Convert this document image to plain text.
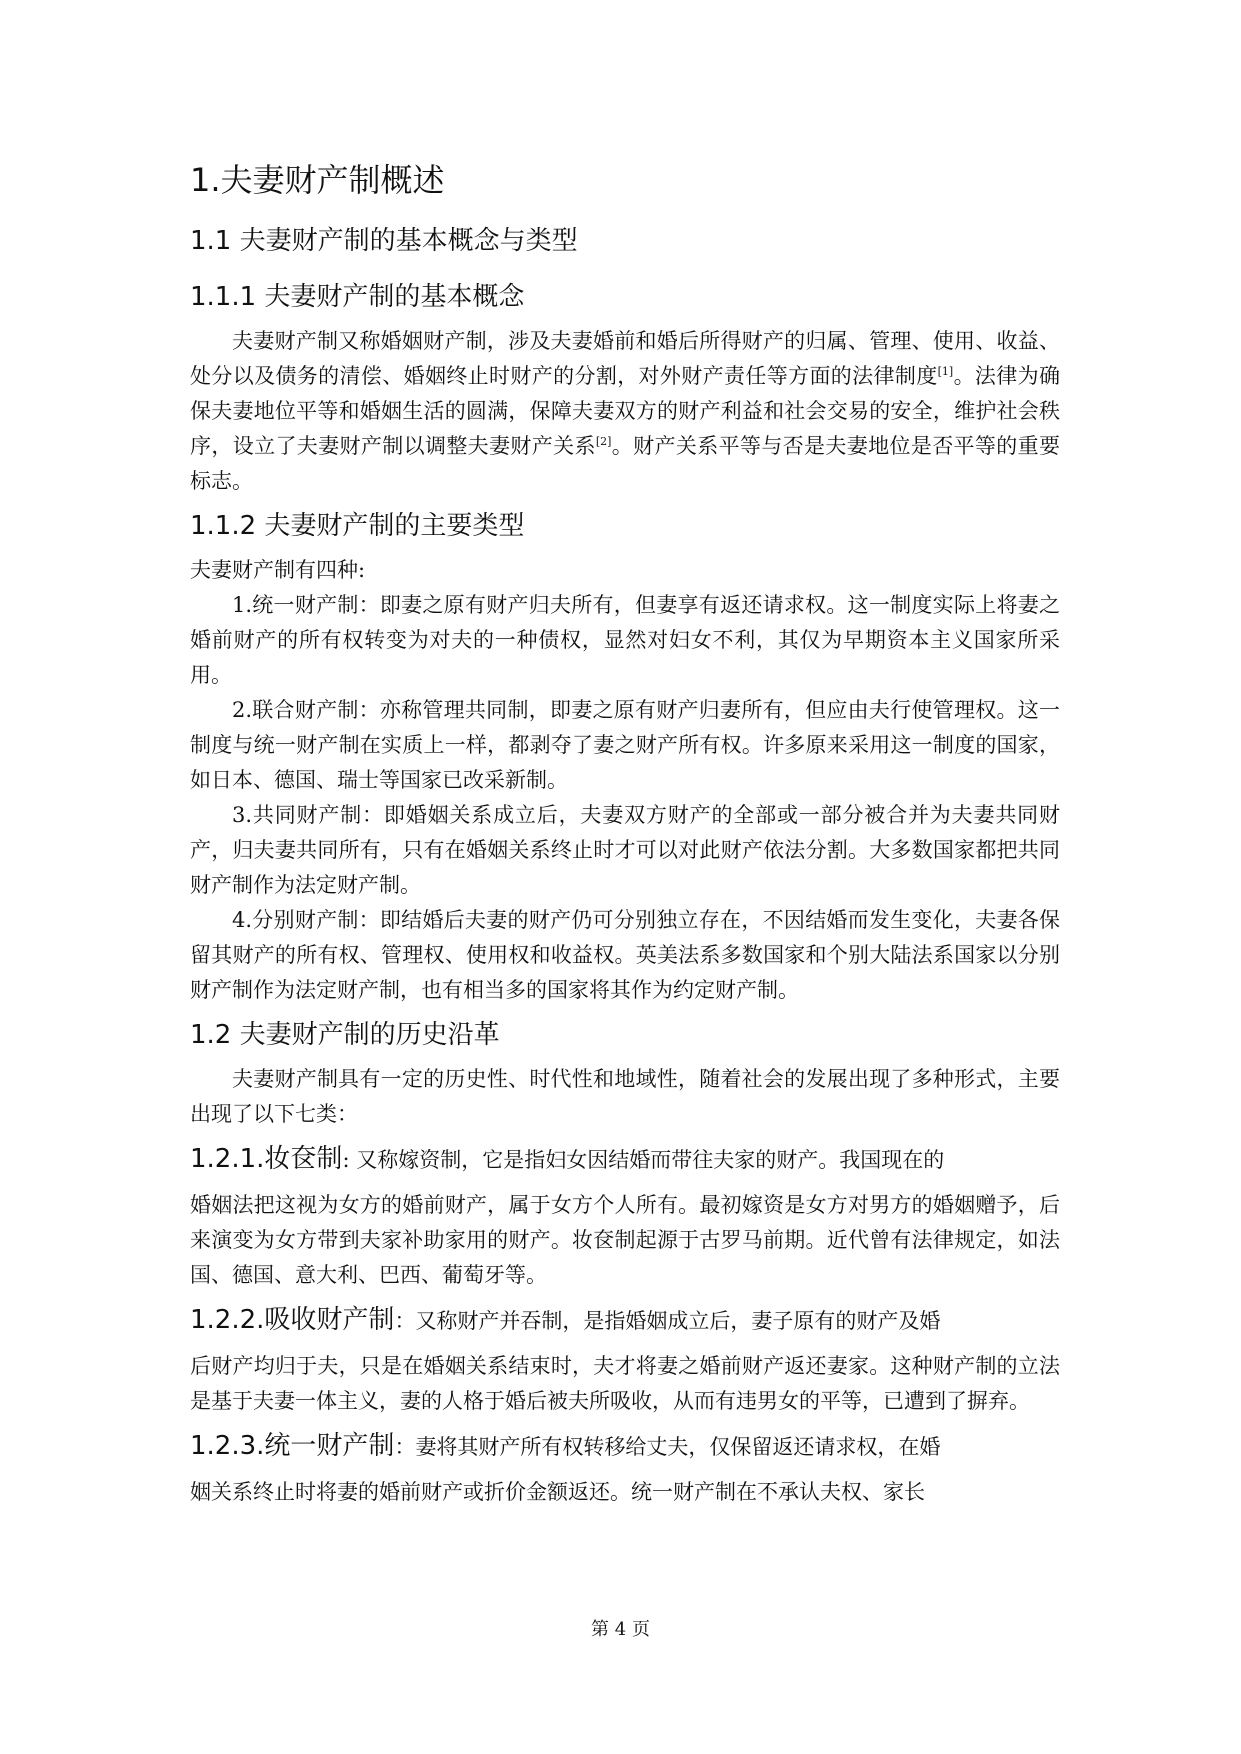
1.夫妻财产制概述
1.1 夫妻财产制的基本概念与类型
1.1.1 夫妻财产制的基本概念

夫妻财产制又称婚姻财产制，涉及夫妻婚前和婚后所得财产的归属、管理、使用、收益、处分以及债务的清偿、婚姻终止时财产的分割，对外财产责任等方面的法律制度[1]。法律为确保夫妻地位平等和婚姻生活的圆满，保障夫妻双方的财产利益和社会交易的安全，维护社会秩序，设立了夫妻财产制以调整夫妻财产关系[2]。财产关系平等与否是夫妻地位是否平等的重要标志。

1.1.2 夫妻财产制的主要类型

夫妻财产制有四种:

1.统一财产制：即妻之原有财产归夫所有，但妻享有返还请求权。这一制度实际上将妻之婚前财产的所有权转变为对夫的一种债权，显然对妇女不利，其仅为早期资本主义国家所采用。

2.联合财产制：亦称管理共同制，即妻之原有财产归妻所有，但应由夫行使管理权。这一制度与统一财产制在实质上一样，都剥夺了妻之财产所有权。许多原来采用这一制度的国家，如日本、德国、瑞士等国家已改采新制。

3.共同财产制：即婚姻关系成立后，夫妻双方财产的全部或一部分被合并为夫妻共同财产，归夫妻共同所有，只有在婚姻关系终止时才可以对此财产依法分割。大多数国家都把共同财产制作为法定财产制。

4.分别财产制：即结婚后夫妻的财产仍可分别独立存在，不因结婚而发生变化，夫妻各保留其财产的所有权、管理权、使用权和收益权。英美法系多数国家和个别大陆法系国家以分别财产制作为法定财产制，也有相当多的国家将其作为约定财产制。

1.2 夫妻财产制的历史沿革

夫妻财产制具有一定的历史性、时代性和地域性，随着社会的发展出现了多种形式，主要出现了以下七类：

1.2.1.妆奁制: 又称嫁资制，它是指妇女因结婚而带往夫家的财产。我国现在的

婚姻法把这视为女方的婚前财产，属于女方个人所有。最初嫁资是女方对男方的婚姻赠予，后来演变为女方带到夫家补助家用的财产。妆奁制起源于古罗马前期。近代曾有法律规定，如法国、德国、意大利、巴西、葡萄牙等。

1.2.2.吸收财产制：又称财产并吞制，是指婚姻成立后，妻子原有的财产及婚

后财产均归于夫，只是在婚姻关系结束时，夫才将妻之婚前财产返还妻家。这种财产制的立法是基于夫妻一体主义，妻的人格于婚后被夫所吸收，从而有违男女的平等，已遭到了摒弃。

1.2.3.统一财产制：妻将其财产所有权转移给丈夫，仅保留返还请求权，在婚

姻关系终止时将妻的婚前财产或折价金额返还。统一财产制在不承认夫权、家长

第 4 页
